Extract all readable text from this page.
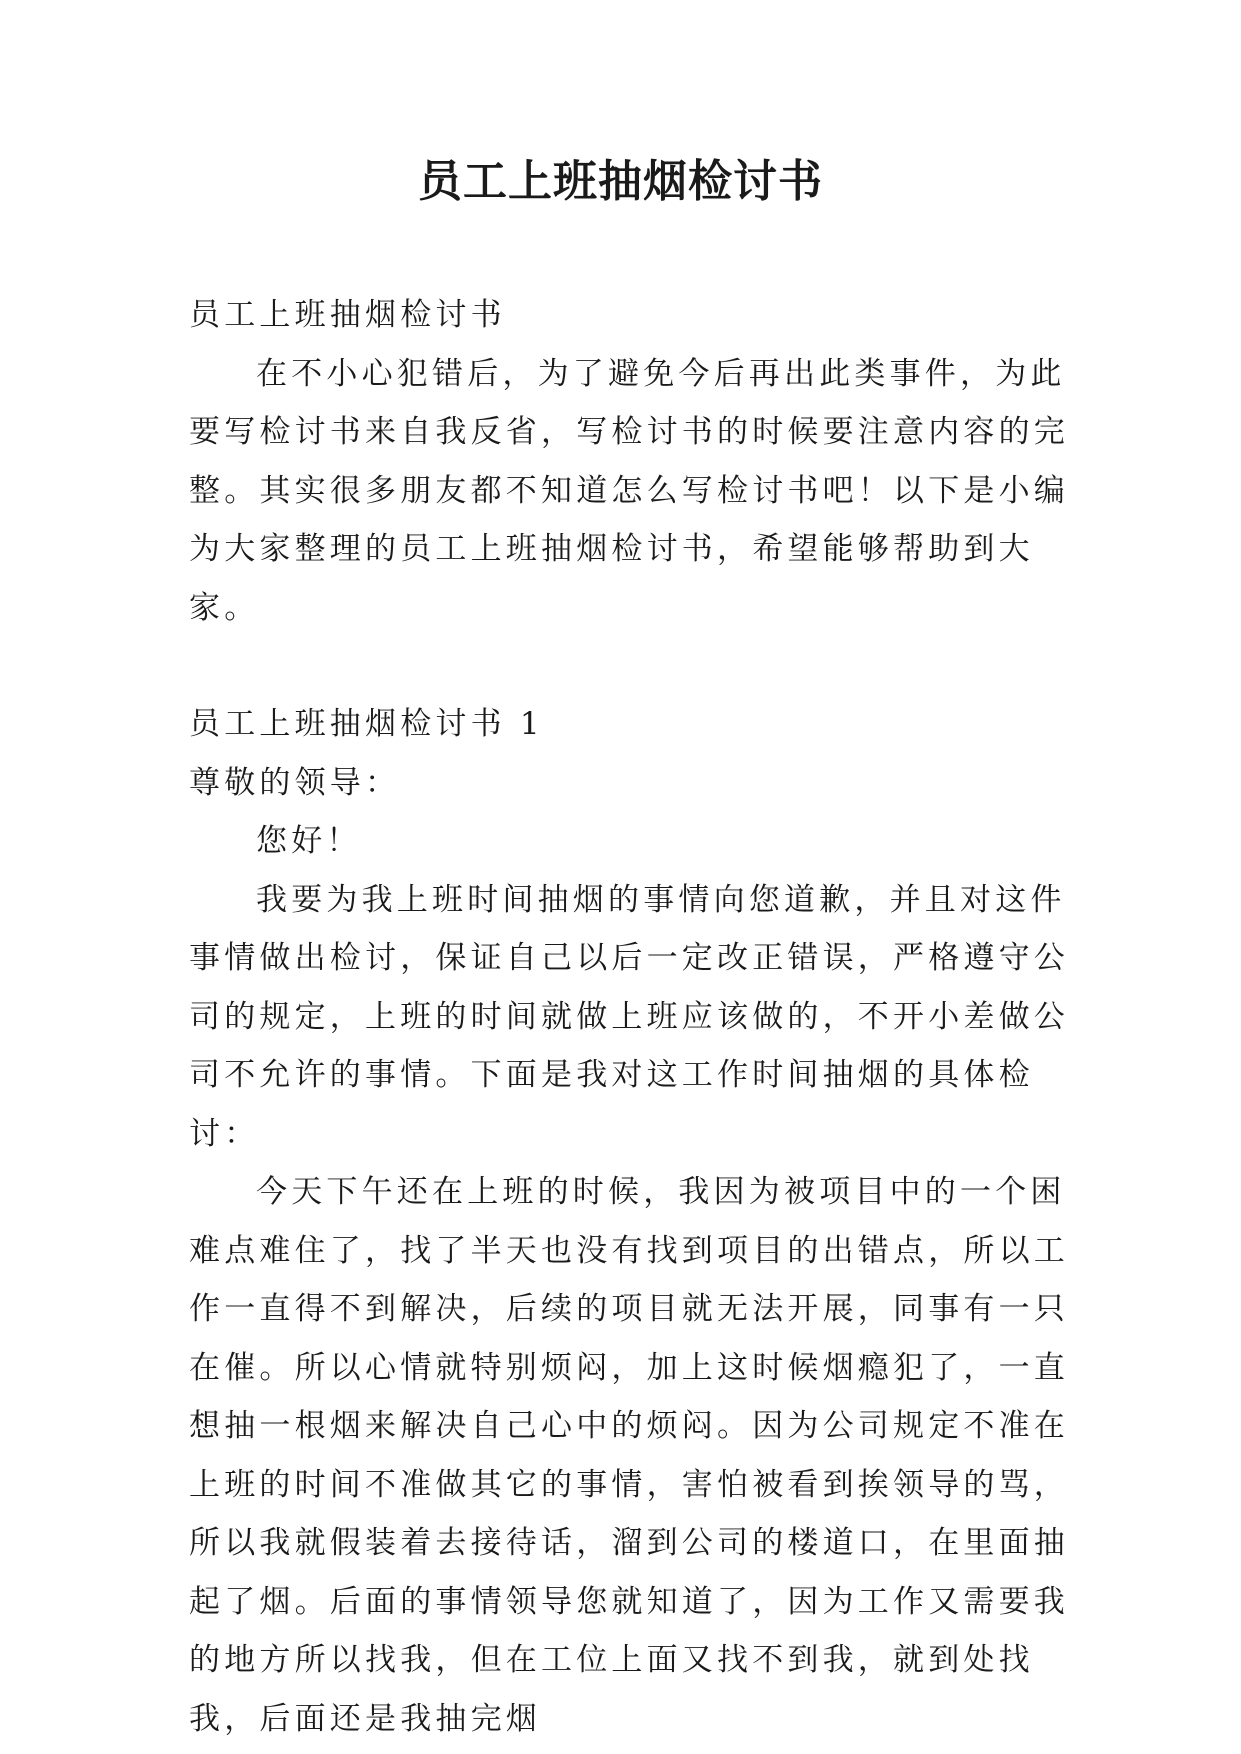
员工上班抽烟检讨书

员工上班抽烟检讨书

在不小心犯错后，为了避免今后再出此类事件，为此要写检讨书来自我反省，写检讨书的时候要注意内容的完整。其实很多朋友都不知道怎么写检讨书吧！以下是小编为大家整理的员工上班抽烟检讨书，希望能够帮助到大家。

员工上班抽烟检讨书 1

尊敬的领导：

您好！

我要为我上班时间抽烟的事情向您道歉，并且对这件事情做出检讨，保证自己以后一定改正错误，严格遵守公司的规定，上班的时间就做上班应该做的，不开小差做公司不允许的事情。下面是我对这工作时间抽烟的具体检讨：

今天下午还在上班的时候，我因为被项目中的一个困难点难住了，找了半天也没有找到项目的出错点，所以工作一直得不到解决，后续的项目就无法开展，同事有一只在催。所以心情就特别烦闷，加上这时候烟瘾犯了，一直想抽一根烟来解决自己心中的烦闷。因为公司规定不准在上班的时间不准做其它的事情，害怕被看到挨领导的骂，所以我就假装着去接待话，溜到公司的楼道口，在里面抽起了烟。后面的事情领导您就知道了，因为工作又需要我的地方所以找我，但在工位上面又找不到我，就到处找我，后面还是我抽完烟
